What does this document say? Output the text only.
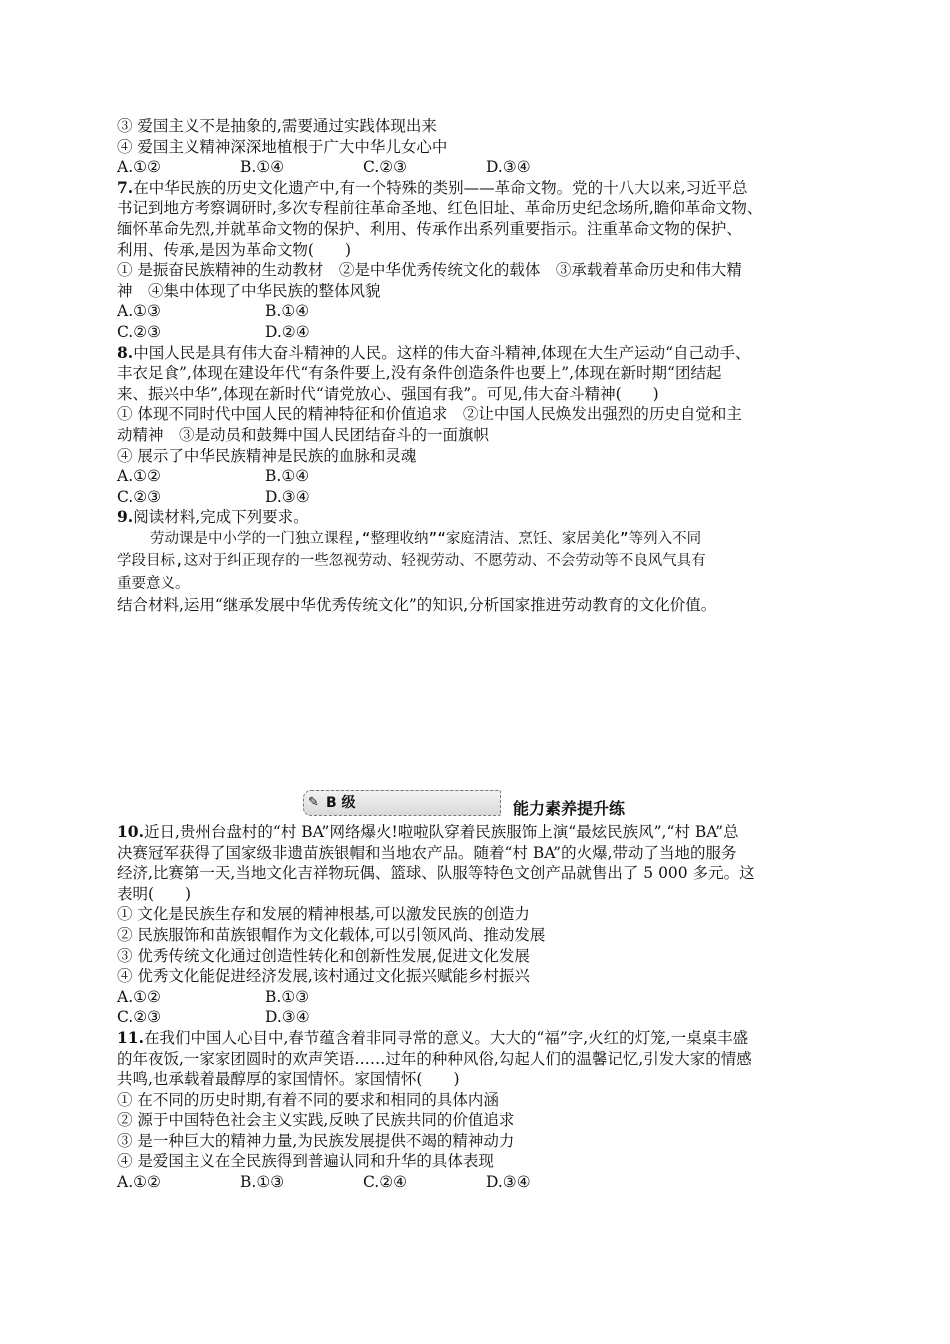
③ 爱国主义不是抽象的,需要通过实践体现出来
④ 爱国主义精神深深地植根于广大中华儿女心中
A.①②	B.①④	C.②③	D.③④
7.在中华民族的历史文化遗产中,有一个特殊的类别——革命文物。党的十八大以来,习近平总
书记到地方考察调研时,多次专程前往革命圣地、红色旧址、革命历史纪念场所,瞻仰革命文物、
缅怀革命先烈,并就革命文物的保护、利用、传承作出系列重要指示。注重革命文物的保护、
利用、传承,是因为革命文物(　　)
① 是振奋民族精神的生动教材　②是中华优秀传统文化的载体　③承载着革命历史和伟大精
神　④集中体现了中华民族的整体风貌
A.①③	B.①④
C.②③	D.②④
8.中国人民是具有伟大奋斗精神的人民。这样的伟大奋斗精神,体现在大生产运动“自己动手、
丰衣足食”,体现在建设年代“有条件要上,没有条件创造条件也要上”,体现在新时期“团结起
来、振兴中华”,体现在新时代“请党放心、强国有我”。可见,伟大奋斗精神(　　)
① 体现不同时代中国人民的精神特征和价值追求　②让中国人民焕发出强烈的历史自觉和主
动精神　③是动员和鼓舞中国人民团结奋斗的一面旗帜
④ 展示了中华民族精神是民族的血脉和灵魂
A.①②	B.①④
C.②③	D.③④
9.阅读材料,完成下列要求。
劳动课是中小学的一门独立课程,“整理收纳”“家庭清洁、烹饪、家居美化”等列入不同
学段目标,这对于纠正现存的一些忽视劳动、轻视劳动、不愿劳动、不会劳动等不良风气具有
重要意义。
结合材料,运用“继承发展中华优秀传统文化”的知识,分析国家推进劳动教育的文化价值。
✎ B 级	能力素养提升练
10.近日,贵州台盘村的“村 BA”网络爆火!啦啦队穿着民族服饰上演“最炫民族风”,“村 BA”总
决赛冠军获得了国家级非遗苗族银帽和当地农产品。随着“村 BA”的火爆,带动了当地的服务
经济,比赛第一天,当地文化吉祥物玩偶、篮球、队服等特色文创产品就售出了 5 000 多元。这
表明(　　)
① 文化是民族生存和发展的精神根基,可以激发民族的创造力
② 民族服饰和苗族银帽作为文化载体,可以引领风尚、推动发展
③ 优秀传统文化通过创造性转化和创新性发展,促进文化发展
④ 优秀文化能促进经济发展,该村通过文化振兴赋能乡村振兴
A.①②	B.①③
C.②③	D.③④
11.在我们中国人心目中,春节蕴含着非同寻常的意义。大大的“福”字,火红的灯笼,一桌桌丰盛
的年夜饭,一家家团圆时的欢声笑语……过年的种种风俗,勾起人们的温馨记忆,引发大家的情感
共鸣,也承载着最醇厚的家国情怀。家国情怀(　　)
① 在不同的历史时期,有着不同的要求和相同的具体内涵
② 源于中国特色社会主义实践,反映了民族共同的价值追求
③ 是一种巨大的精神力量,为民族发展提供不竭的精神动力
④ 是爱国主义在全民族得到普遍认同和升华的具体表现
A.①②	B.①③	C.②④	D.③④
